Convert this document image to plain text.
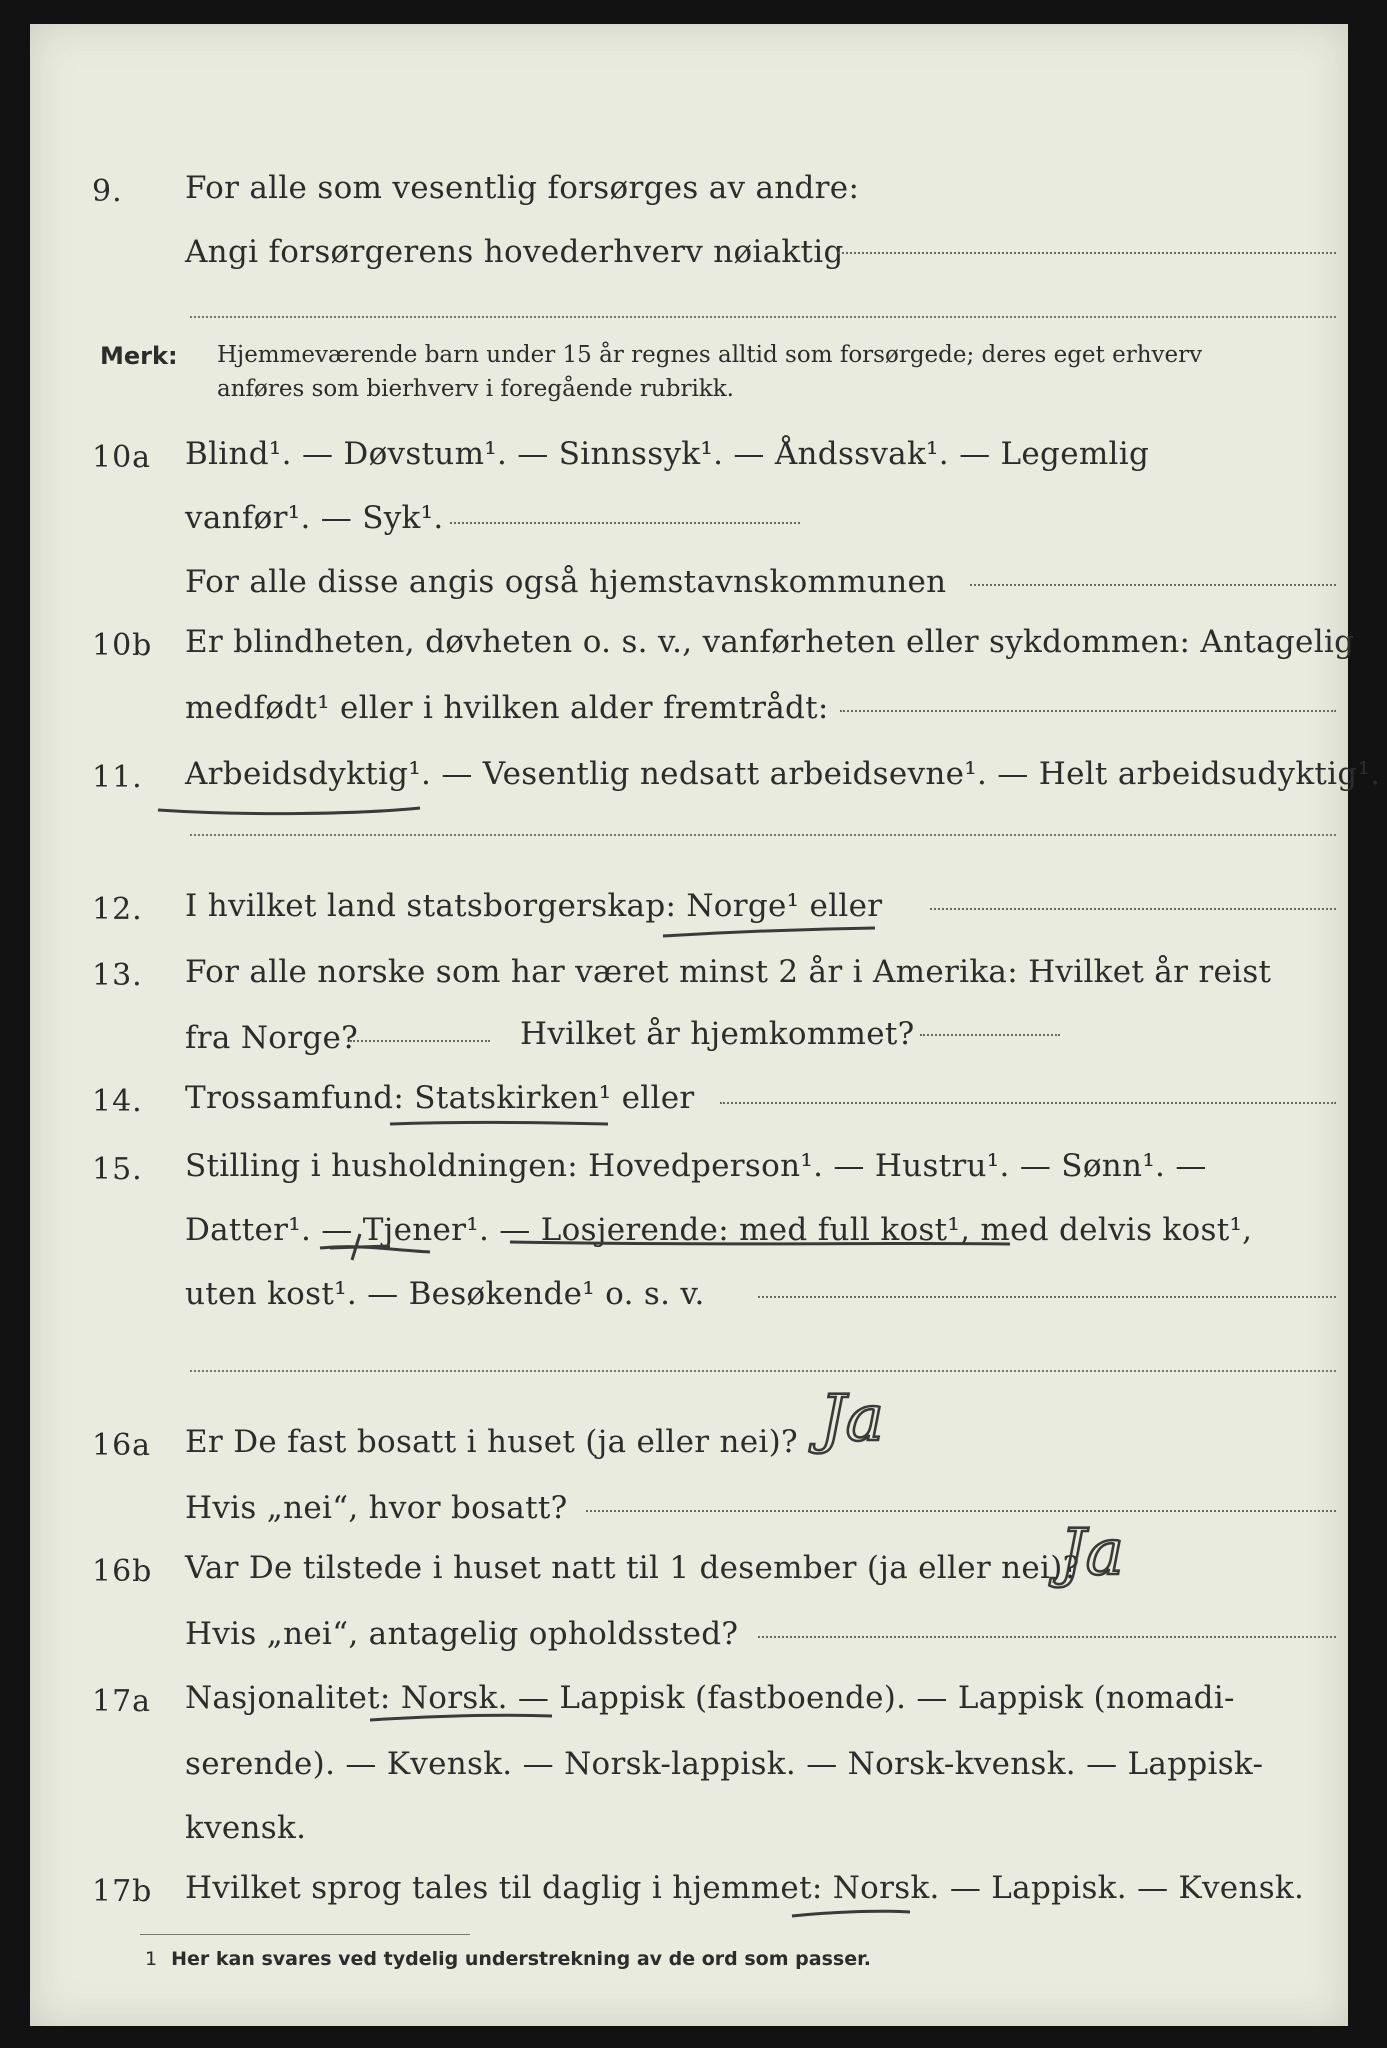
9. For alle som vesentlig forsørges av andre:
Angi forsørgerens hovederhverv nøiaktig
Merk: Hjemmeværende barn under 15 år regnes alltid som forsørgede; deres eget erhverv
anføres som bierhverv i foregående rubrikk.
10a Blind¹. — Døvstum¹. — Sinnssyk¹. — Åndssvak¹. — Legemlig
vanfør¹. — Syk¹.
For alle disse angis også hjemstavnskommunen
10b Er blindheten, døvheten o. s. v., vanførheten eller sykdommen: Antagelig
medfødt¹ eller i hvilken alder fremtrådt:
11. Arbeidsdyktig¹. — Vesentlig nedsatt arbeidsevne¹. — Helt arbeidsudyktig¹.
12. I hvilket land statsborgerskap: Norge¹ eller
13. For alle norske som har været minst 2 år i Amerika: Hvilket år reist
fra Norge?	Hvilket år hjemkommet?
14. Trossamfund: Statskirken¹ eller
15. Stilling i husholdningen: Hovedperson¹. — Hustru¹. — Sønn¹. —
Datter¹. — Tjener¹. — Losjerende: med full kost¹, med delvis kost¹,
uten kost¹. — Besøkende¹ o. s. v.
16a Er De fast bosatt i huset (ja eller nei)?
Hvis „nei“, hvor bosatt?
16b Var De tilstede i huset natt til 1 desember (ja eller nei)?
Hvis „nei“, antagelig opholdssted?
17a Nasjonalitet: Norsk. — Lappisk (fastboende). — Lappisk (nomadi-
serende). — Kvensk. — Norsk-lappisk. — Norsk-kvensk. — Lappisk-
kvensk.
17b Hvilket sprog tales til daglig i hjemmet: Norsk. — Lappisk. — Kvensk.
1 Her kan svares ved tydelig understrekning av de ord som passer.
Ja
Ja
